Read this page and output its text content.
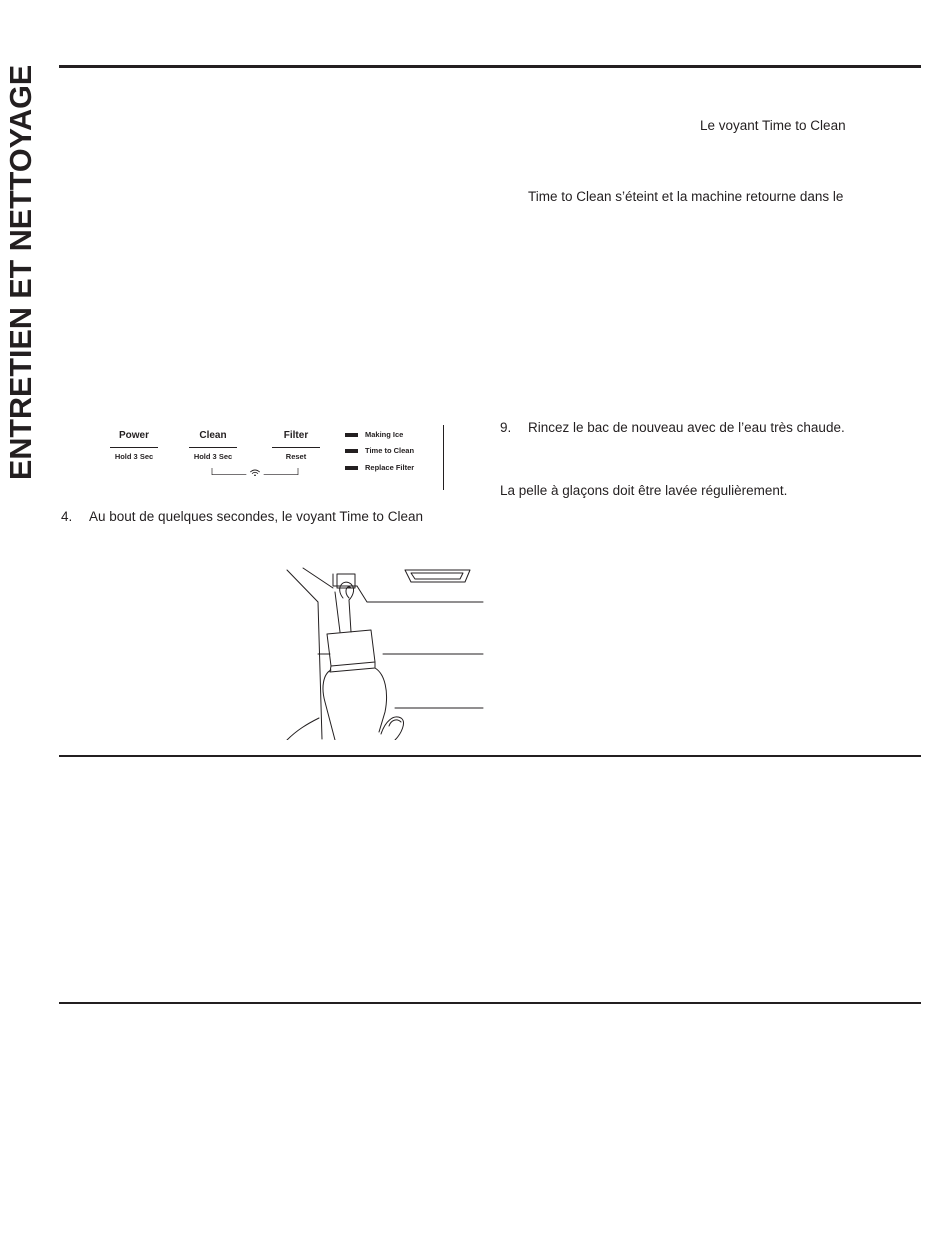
ENTRETIEN ET NETTOYAGE	Le voyant Time to Clean
Time to Clean s’éteint et la machine retourne dans le
9. Rincez le bac de nouveau avec de l’eau très chaude.
La pelle à glaçons doit être lavée régulièrement.
Power
Hold 3 Sec
Clean
Hold 3 Sec
Filter
Reset
Making Ice
Time to Clean
Replace Filter
4. Au bout de quelques secondes, le voyant Time to Clean
